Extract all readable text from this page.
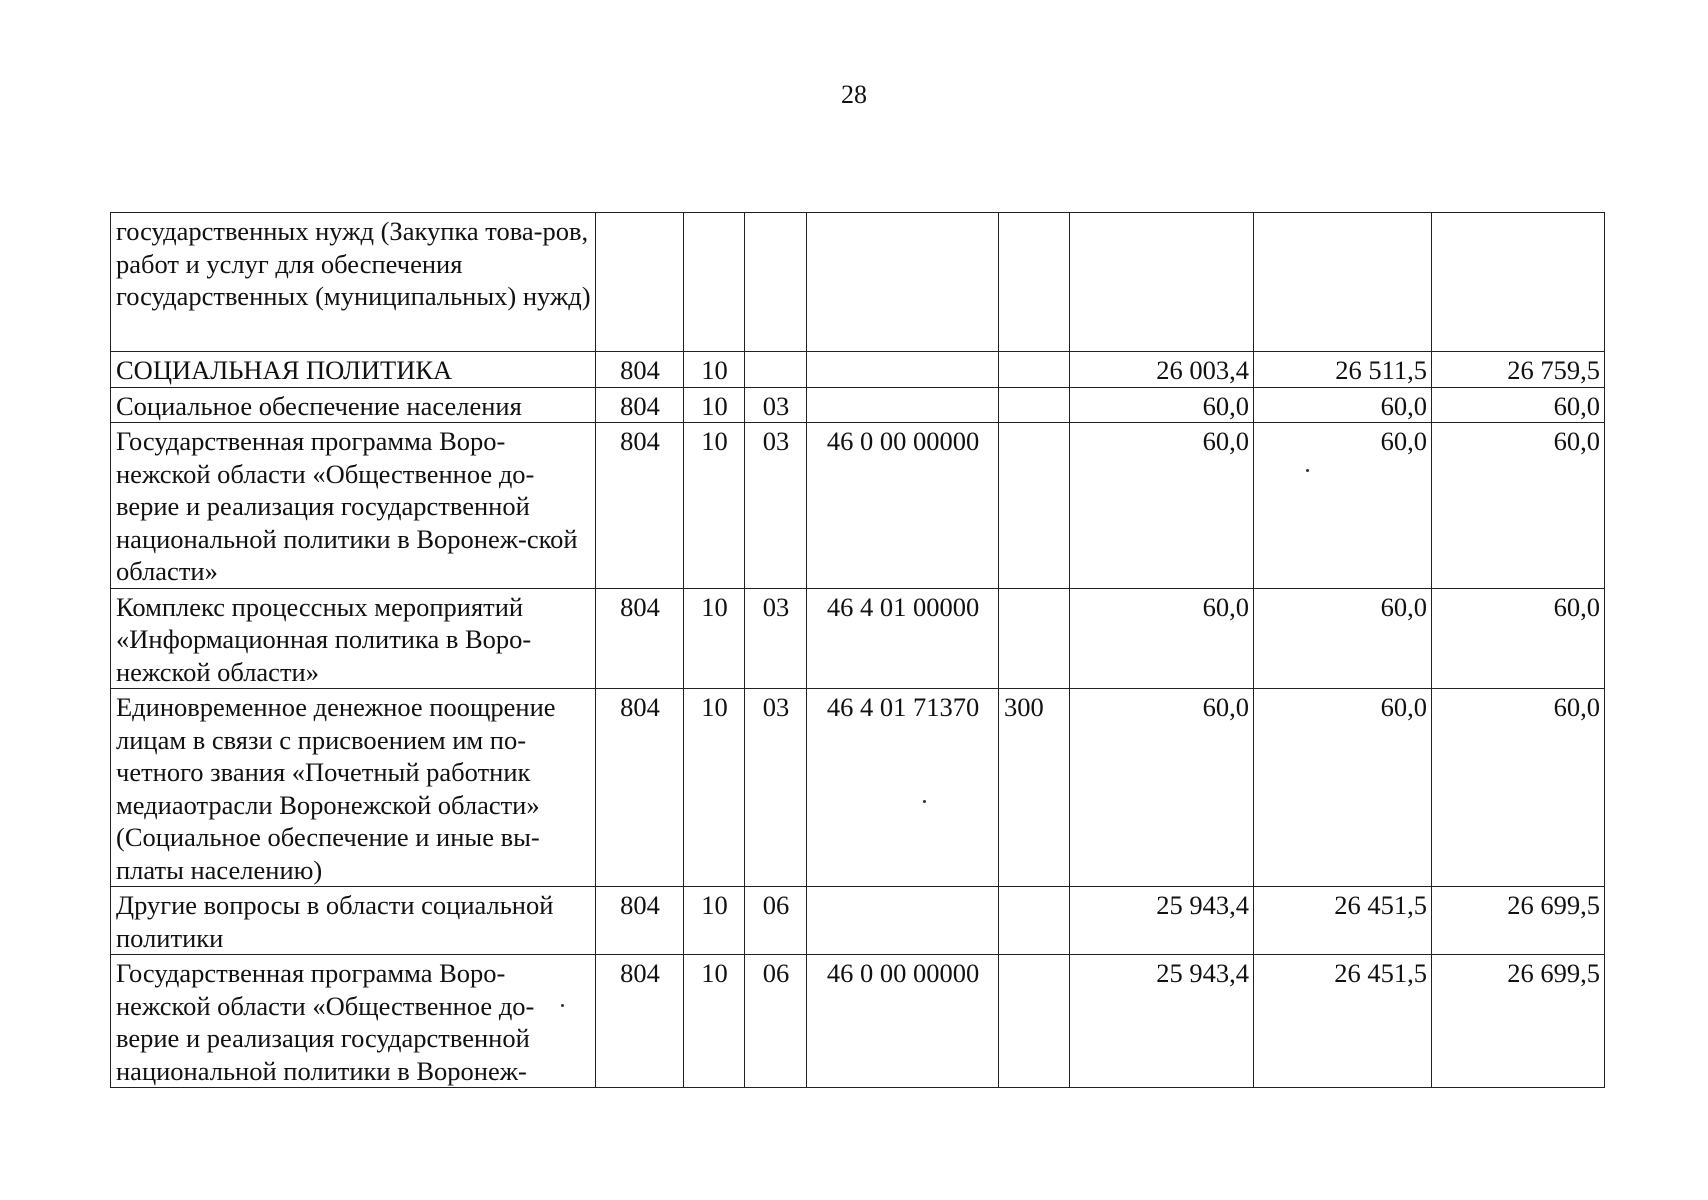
28
государственных нужд (Закупка това-ров, работ и услуг для обеспечения государственных (муниципальных) нужд)								
СОЦИАЛЬНАЯ ПОЛИТИКА	804	10				26 003,4	26 511,5	26 759,5
Социальное обеспечение населения	804	10	03			60,0	60,0	60,0
Государственная программа Воро-нежской области «Общественное до-верие и реализация государственной национальной политики в Воронеж-ской области»	804	10	03	46 0 00 00000		60,0	60,0	60,0
Комплекс процессных мероприятий «Информационная политика в Воро-нежской области»	804	10	03	46 4 01 00000		60,0	60,0	60,0
Единовременное денежное поощрение лицам в связи с присвоением им по-четного звания «Почетный работник медиаотрасли Воронежской области» (Социальное обеспечение и иные вы-платы населению)	804	10	03	46 4 01 71370	300	60,0	60,0	60,0
Другие вопросы в области социальной политики	804	10	06			25 943,4	26 451,5	26 699,5
Государственная программа Воро-нежской области «Общественное до-верие и реализация государственной национальной политики в Воронеж-	804	10	06	46 0 00 00000		25 943,4	26 451,5	26 699,5
